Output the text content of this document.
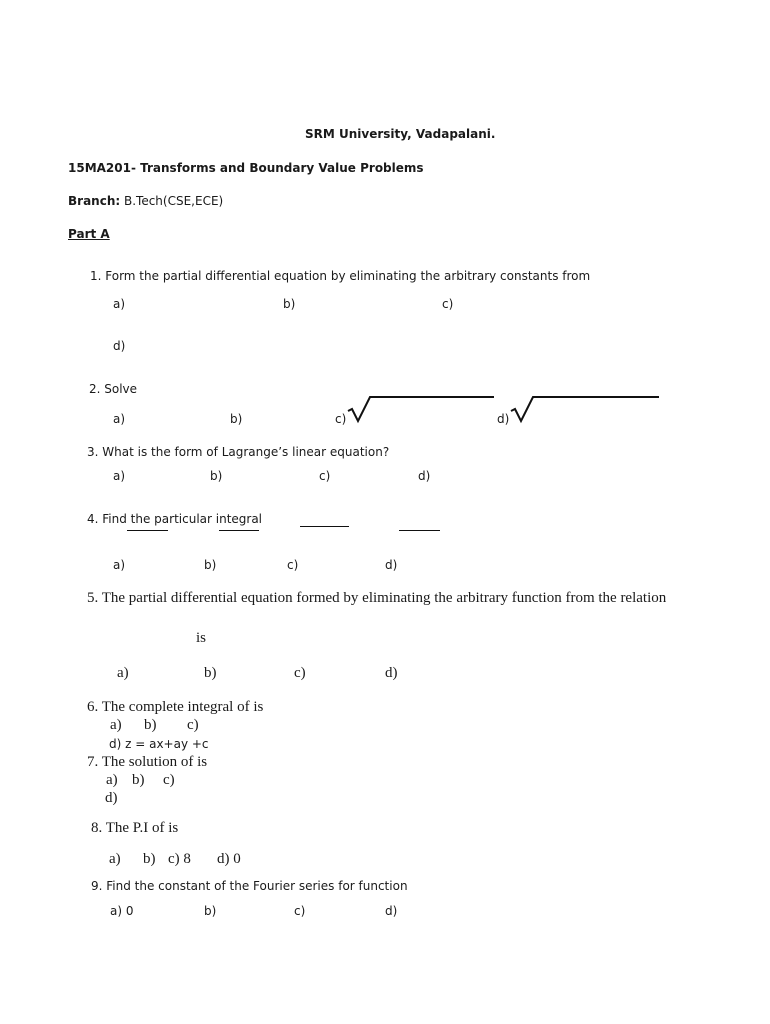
SRM University, Vadapalani.
15MA201- Transforms and Boundary Value Problems
Branch: B.Tech(CSE,ECE)
Part A
1. Form the partial differential equation by eliminating the arbitrary constants from
a)	b)	c)
d)
2. Solve
a)	b)	c)	d)
3. What is the form of Lagrange’s linear equation?
a)	b)	c)	d)
4. Find the particular integral
a)	b)	c)	d)
5. The partial differential equation formed by eliminating the arbitrary function from the relation
is
a)	b)	c)	d)
6. The complete integral of is
a) b) c)
d) z = ax+ay +c
7. The solution of is
a) b) c)
d)
8. The P.I of is
a) b) c) 8 d) 0
9. Find the constant of the Fourier series for function
a) 0	b)	c)	d)
